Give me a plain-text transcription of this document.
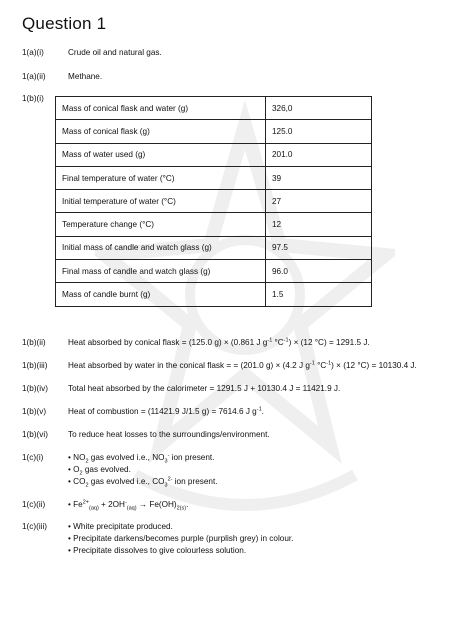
Question 1
1(a)(i)	Crude oil and natural gas.
1(a)(ii)	Methane.
1(b)(i)
Mass of conical flask and water (g)	326,0
Mass of conical flask (g)	125.0
Mass of water used (g)	201.0
Final temperature of water (°C)	39
Initial temperature of water (°C)	27
Temperature change (°C)	12
Initial mass of candle and watch glass (g)	97.5
Final mass of candle and watch glass (g)	96.0
Mass of candle burnt (g)	1.5
1(b)(ii)	Heat absorbed by conical flask = (125.0 g) × (0.861 J $g^{-1}$ $^\circ C^{-1}) \times (12$ °C) = 1291.5 J.
1(b)(iii)	Heat absorbed by water in the conical flask = = (201.0 g) × (4.2 J $g^{-1}$ $^\circ C^{-1}) \times (12$ °C) = 10130.4 J.
1(b)(iv) Total heat absorbed by the calorimeter = 1291.5 J + 10130.4 J = 11421.9 J.
1(b)(v)	Heat of combustion = (11421.9 J/1.5 g) = 7614.6 J $g^{-1}$.
1(b)(vi) To reduce heat losses to the surroundings/environment.
1(c)(i)	• $NO_2$ gas evolved i.e., $NO_3^-$ ion present.
• $O_2$ gas evolved.
• $CO_2$ gas evolved i.e., $CO_3^{2-}$ ion present.
1(c)(ii)	• $Fe^{2+}_{(aq)} + 2OH^-_{(aq)} \to Fe(OH)_{2(s)}$.
1(c)(iii)	• White precipitate produced.
• Precipitate darkens/becomes purple (purplish grey) in colour.
• Precipitate dissolves to give colourless solution.
